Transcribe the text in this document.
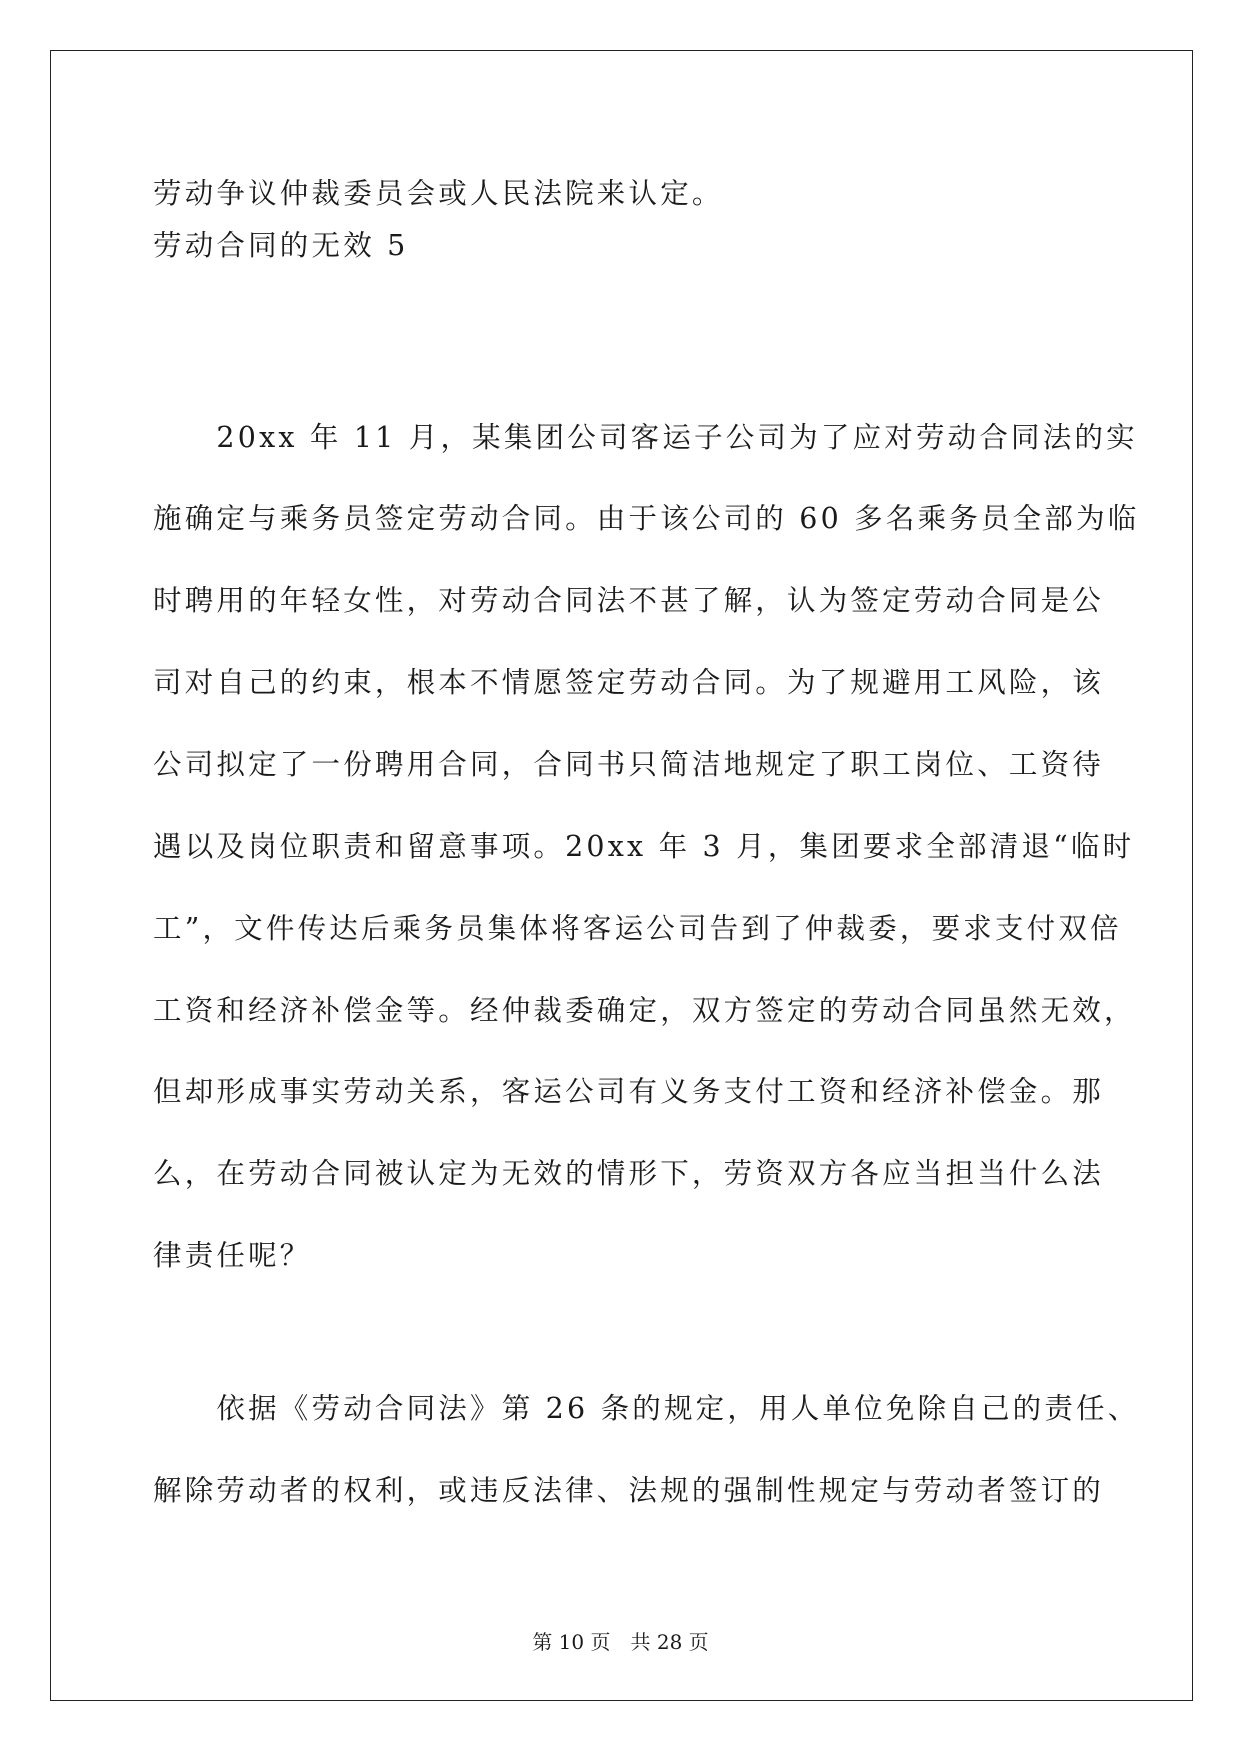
劳动争议仲裁委员会或人民法院来认定。
劳动合同的无效 5
　　20xx 年 11 月，某集团公司客运子公司为了应对劳动合同法的实
施确定与乘务员签定劳动合同。由于该公司的 60 多名乘务员全部为临
时聘用的年轻女性，对劳动合同法不甚了解，认为签定劳动合同是公
司对自己的约束，根本不情愿签定劳动合同。为了规避用工风险，该
公司拟定了一份聘用合同，合同书只简洁地规定了职工岗位、工资待
遇以及岗位职责和留意事项。20xx 年 3 月，集团要求全部清退“临时
工”，文件传达后乘务员集体将客运公司告到了仲裁委，要求支付双倍
工资和经济补偿金等。经仲裁委确定，双方签定的劳动合同虽然无效，
但却形成事实劳动关系，客运公司有义务支付工资和经济补偿金。那
么，在劳动合同被认定为无效的情形下，劳资双方各应当担当什么法
律责任呢？
　　依据《劳动合同法》第 26 条的规定，用人单位免除自己的责任、
解除劳动者的权利，或违反法律、法规的强制性规定与劳动者签订的
第 10 页　共 28 页
